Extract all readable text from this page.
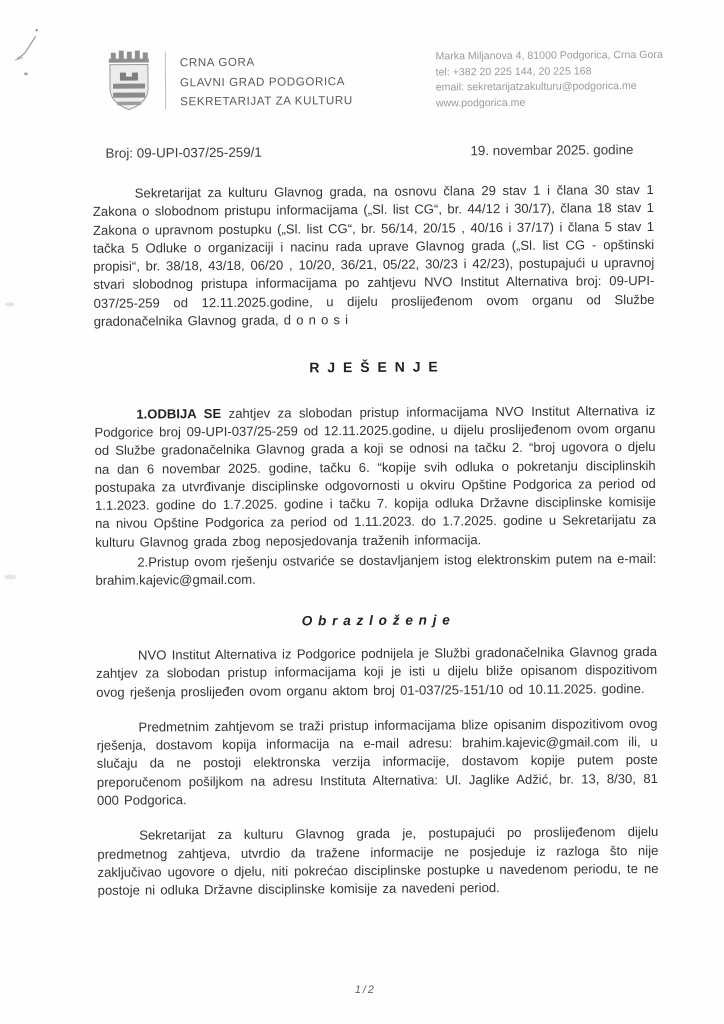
CRNA GORA
GLAVNI GRAD PODGORICA
SEKRETARIJAT ZA KULTURU
Marka Miljanova 4, 81000 Podgorica, Crna Gora
tel: +382 20 225 144, 20 225 168
email: sekretarijatzakulturu@podgorica.me
www.podgorica.me
Broj: 09-UPI-037/25-259/1	19. novembar 2025. godine

Sekretarijat za kulturu Glavnog grada, na osnovu člana 29 stav 1 i člana 30 stav 1 Zakona o slobodnom pristupu informacijama („Sl. list CG“, br. 44/12 i 30/17), člana 18 stav 1 Zakona o upravnom postupku („Sl. list CG“, br. 56/14, 20/15 , 40/16 i 37/17) i člana 5 stav 1 tačka 5 Odluke o organizaciji i nacinu rada uprave Glavnog grada („Sl. list CG - opštinski propisi“, br. 38/18, 43/18, 06/20 , 10/20, 36/21, 05/22, 30/23 i 42/23), postupajući u upravnoj stvari slobodnog pristupa informacijama po zahtjevu NVO Institut Alternativa broj: 09-UPI-037/25-259 od 12.11.2025.godine, u dijelu proslijeđenom ovom organu od Službe gradonačelnika Glavnog grada, d o n o s i

R J E Š E N J E

1.ODBIJA SE zahtjev za slobodan pristup informacijama NVO Institut Alternativa iz Podgorice broj 09-UPI-037/25-259 od 12.11.2025.godine, u dijelu proslijeđenom ovom organu od Službe gradonačelnika Glavnog grada a koji se odnosi na tačku 2. “broj ugovora o djelu na dan 6 novembar 2025. godine, tačku 6. “kopije svih odluka o pokretanju disciplinskih postupaka za utvrđivanje disciplinske odgovornosti u okviru Opštine Podgorica za period od 1.1.2023. godine do 1.7.2025. godine i tačku 7. kopija odluka Državne disciplinske komisije na nivou Opštine Podgorica za period od 1.11.2023. do 1.7.2025. godine u Sekretarijatu za kulturu Glavnog grada zbog neposjedovanja traženih informacija.

2.Pristup ovom rješenju ostvariće se dostavljanjem istog elektronskim putem na e-mail: brahim.kajevic@gmail.com.

O b r a z l o ž e n j e

NVO Institut Alternativa iz Podgorice podnijela je Službi gradonačelnika Glavnog grada zahtjev za slobodan pristup informacijama koji je isti u dijelu bliže opisanom dispozitivom ovog rješenja proslijeđen ovom organu aktom broj 01-037/25-151/10 od 10.11.2025. godine.

Predmetnim zahtjevom se traži pristup informacijama blize opisanim dispozitivom ovog rješenja, dostavom kopija informacija na e-mail adresu: brahim.kajevic@gmail.com ili, u slučaju da ne postoji elektronska verzija informacije, dostavom kopije putem poste preporučenom pošiljkom na adresu Instituta Alternativa: Ul. Jaglike Adžić, br. 13, 8/30, 81 000 Podgorica.

Sekretarijat za kulturu Glavnog grada je, postupajući po proslijeđenom dijelu predmetnog zahtjeva, utvrdio da tražene informacije ne posjeduje iz razloga što nije zaključivao ugovore o djelu, niti pokrećao disciplinske postupke u navedenom periodu, te ne postoje ni odluka Državne disciplinske komisije za navedeni period.

1/2
